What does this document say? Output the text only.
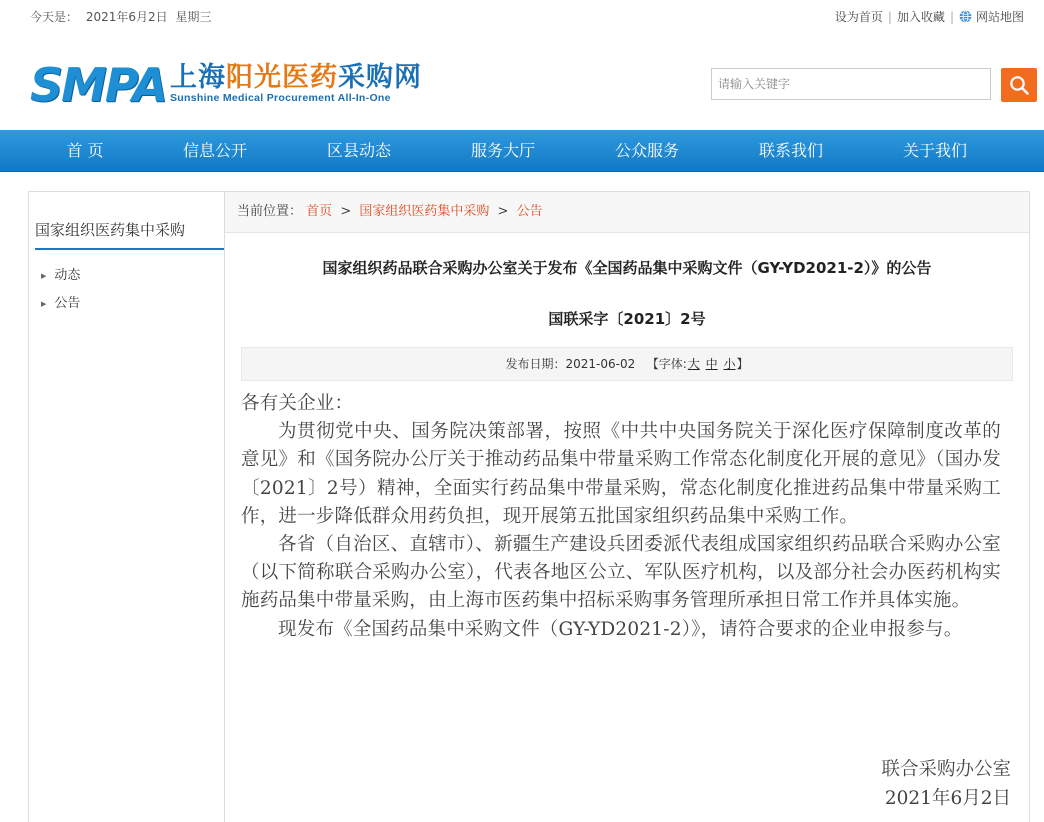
今天是： 2021年6月2日 星期三	设为首页 | 加入收藏 | 网站地图
SMPA 上海阳光医药采购网
Sunshine Medical Procurement All-In-One
请输入关键字
首 页	信息公开	区县动态	服务大厅	公众服务	联系我们	关于我们
国家组织医药集中采购
▶ 动态
▶ 公告
当前位置： 首页 > 国家组织医药集中采购 > 公告
国家组织药品联合采购办公室关于发布《全国药品集中采购文件（GY-YD2021-2）》的公告
国联采字〔2021〕2号
发布日期：2021-06-02 【字体:大 中 小】

各有关企业：

为贯彻党中央、国务院决策部署，按照《中共中央国务院关于深化医疗保障制度改革的意见》和《国务院办公厅关于推动药品集中带量采购工作常态化制度化开展的意见》（国办发〔2021〕2号）精神，全面实行药品集中带量采购，常态化制度化推进药品集中带量采购工作，进一步降低群众用药负担，现开展第五批国家组织药品集中采购工作。

各省（自治区、直辖市）、新疆生产建设兵团委派代表组成国家组织药品联合采购办公室（以下简称联合采购办公室），代表各地区公立、军队医疗机构，以及部分社会办医药机构实施药品集中带量采购，由上海市医药集中招标采购事务管理所承担日常工作并具体实施。

现发布《全国药品集中采购文件（GY-YD2021-2）》，请符合要求的企业申报参与。

联合采购办公室
2021年6月2日
